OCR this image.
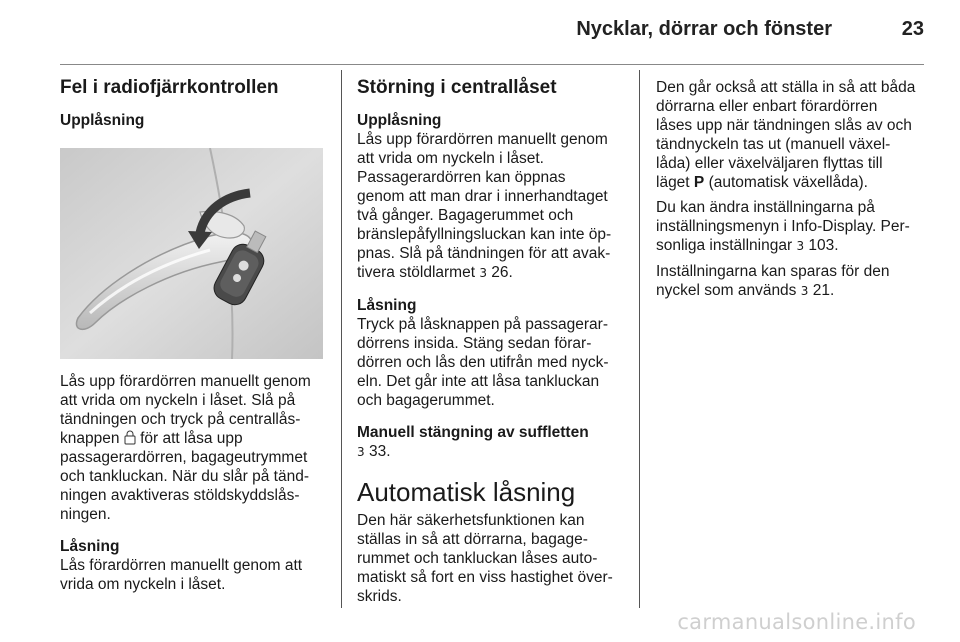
Nycklar, dörrar och fönster	23
Fel i radiofjärrkontrollen
Upplåsning

Lås upp förardörren manuellt genom
att vrida om nyckeln i låset. Slå på
tändningen och tryck på centrallås-
knappen  för att låsa upp
passagerardörren, bagageutrymmet
och tankluckan. När du slår på tänd-
ningen avaktiveras stöldskyddslås-
ningen.

Låsning

Lås förardörren manuellt genom att
vrida om nyckeln i låset.

Störning i centrallåset
Upplåsning

Lås upp förardörren manuellt genom
att vrida om nyckeln i låset.
Passagerardörren kan öppnas
genom att man drar i innerhandtaget
två gånger. Bagagerummet och
bränslepåfyllningsluckan kan inte öp-
pnas. Slå på tändningen för att avak-
tivera stöldlarmet 3 26.

Låsning

Tryck på låsknappen på passagerar-
dörrens insida. Stäng sedan förar-
dörren och lås den utifrån med nyck-
eln. Det går inte att låsa tankluckan
och bagagerummet.

Manuell stängning av suffletten

3 33.

Automatisk låsning

Den här säkerhetsfunktionen kan
ställas in så att dörrarna, bagage-
rummet och tankluckan låses auto-
matiskt så fort en viss hastighet över-
skrids.

Den går också att ställa in så att båda
dörrarna eller enbart förardörren
låses upp när tändningen slås av och
tändnyckeln tas ut (manuell växel-
låda) eller växelväljaren flyttas till
läget P (automatisk växellåda).

Du kan ändra inställningarna på
inställningsmenyn i Info-Display. Per-
sonliga inställningar 3 103.

Inställningarna kan sparas för den
nyckel som används 3 21.

carmanualsonline.info
